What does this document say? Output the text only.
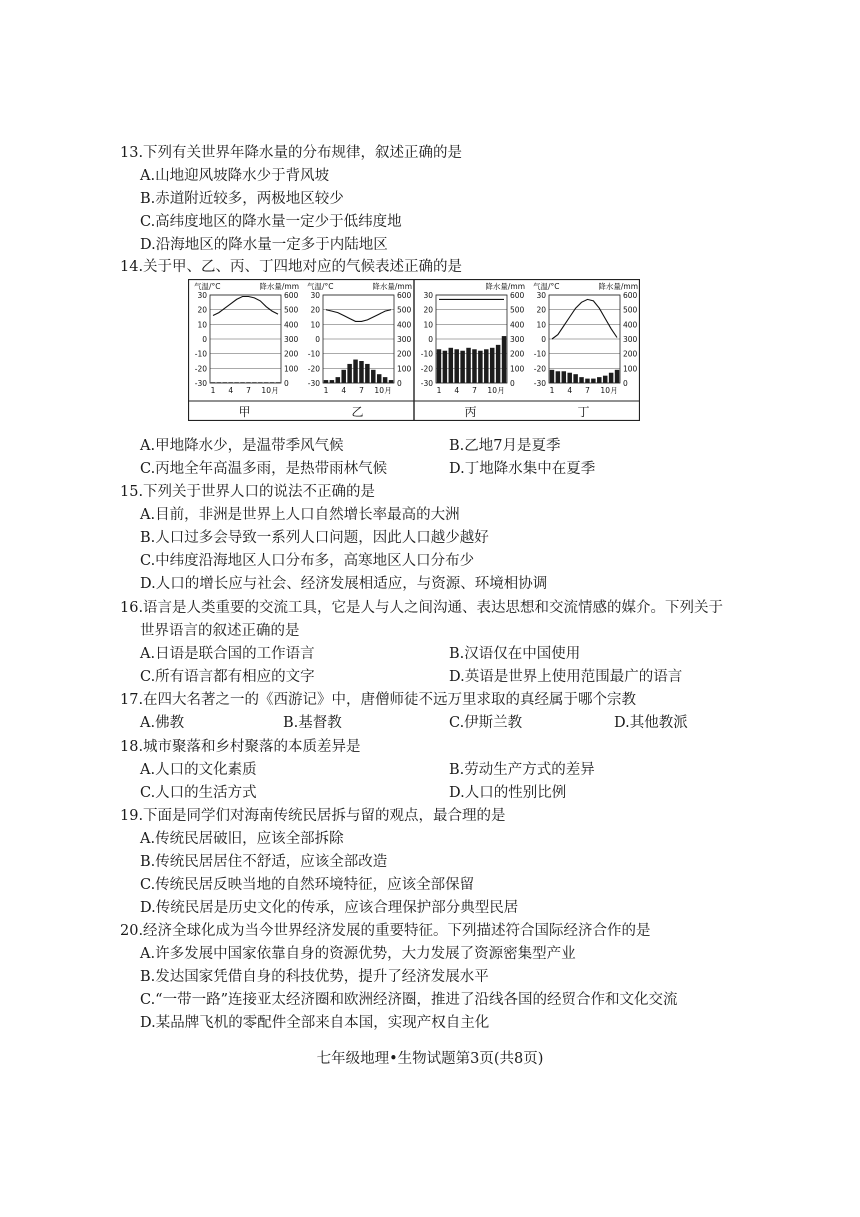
13.下列有关世界年降水量的分布规律，叙述正确的是
A.山地迎风坡降水少于背风坡
B.赤道附近较多，两极地区较少
C.高纬度地区的降水量一定少于低纬度地
D.沿海地区的降水量一定多于内陆地区
14.关于甲、乙、丙、丁四地对应的气候表述正确的是
甲
气温/°C	降水量/mm
30
20
10
0
-10
-20
-30
600
500
400
300
200
100
0
1 4 7 10 月
乙
气温/°C	降水量/mm
30
20
10
0
-10
-20
-30
600
500
400
300
200
100
0
1 4 7 10 月
丙
降水量/mm
30
20
10
0
-10
-20
-30
600
500
400
300
200
100
0
1 4 7 10 月
丁
气温/°C	降水量/mm
30
20
10
0
-10
-20
-30
600
500
400
300
200
100
0
1 4 7 10 月
A.甲地降水少，是温带季风气候	B.乙地7月是夏季
C.丙地全年高温多雨，是热带雨林气候	D.丁地降水集中在夏季
15.下列关于世界人口的说法不正确的是
A.目前，非洲是世界上人口自然增长率最高的大洲
B.人口过多会导致一系列人口问题，因此人口越少越好
C.中纬度沿海地区人口分布多，高寒地区人口分布少
D.人口的增长应与社会、经济发展相适应，与资源、环境相协调
16.语言是人类重要的交流工具，它是人与人之间沟通、表达思想和交流情感的媒介。下列关于
世界语言的叙述正确的是
A.日语是联合国的工作语言	B.汉语仅在中国使用
C.所有语言都有相应的文字	D.英语是世界上使用范围最广的语言
17.在四大名著之一的《西游记》中，唐僧师徒不远万里求取的真经属于哪个宗教
A.佛教	B.基督教	C.伊斯兰教	D.其他教派
18.城市聚落和乡村聚落的本质差异是
A.人口的文化素质	B.劳动生产方式的差异
C.人口的生活方式	D.人口的性别比例
19.下面是同学们对海南传统民居拆与留的观点，最合理的是
A.传统民居破旧，应该全部拆除
B.传统民居居住不舒适，应该全部改造
C.传统民居反映当地的自然环境特征，应该全部保留
D.传统民居是历史文化的传承，应该合理保护部分典型民居
20.经济全球化成为当今世界经济发展的重要特征。下列描述符合国际经济合作的是
A.许多发展中国家依靠自身的资源优势，大力发展了资源密集型产业
B.发达国家凭借自身的科技优势，提升了经济发展水平
C.“一带一路”连接亚太经济圈和欧洲经济圈，推进了沿线各国的经贸合作和文化交流
D.某品牌飞机的零配件全部来自本国，实现产权自主化
七年级地理•生物试题第3页(共8页)
